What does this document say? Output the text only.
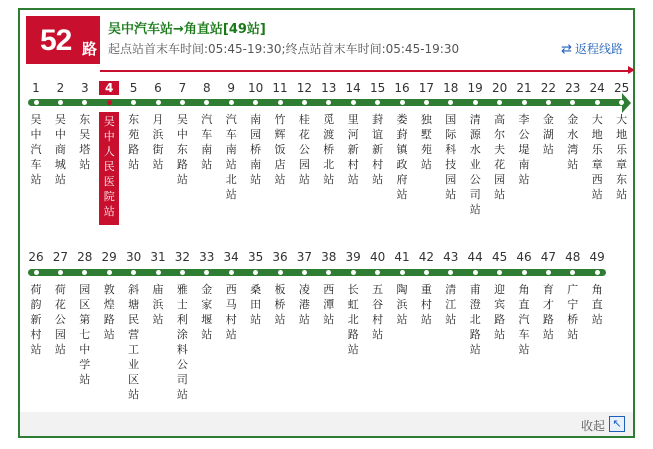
52 路
吴中汽车站→角直站[49站]
起点站首末车时间:05:45-19:30;终点站首末车时间:05:45-19:30	⇄ 返程线路
1
吴中汽车站
2
吴中商城站
3
东吴塔站
4
吴中人民医院站
5
东苑路站
6
月浜街站
7
吴中东路站
8
汽车南站
9
汽车南站北站
10
南园桥南站
11
竹辉饭店站
12
桂花公园站
13
觅渡桥北站
14
里河新村站
15
葑谊新村站
16
娄葑镇政府站
17
独墅苑站
18
国际科技园站
19
清源水业公司站
20
高尔夫花园站
21
李公堤南站
22
金湖站
23
金水湾站
24
大地乐章西站
25
大地乐章东站
26
荷韵新村站
27
荷花公园站
28
园区第七中学站
29
敦煌路站
30
斜塘民营工业区站
31
庙浜站
32
雅士利涂料公司站
33
金家堰站
34
西马村站
35
桑田站
36
板桥站
37
凌港站
38
西潭站
39
长虹北路站
40
五谷村站
41
陶浜站
42
重村站
43
清江站
44
甫澄北路站
45
迎宾路站
46
角直汽车站
47
育才路站
48
广宁桥站
49
角直站
收起 ↖
